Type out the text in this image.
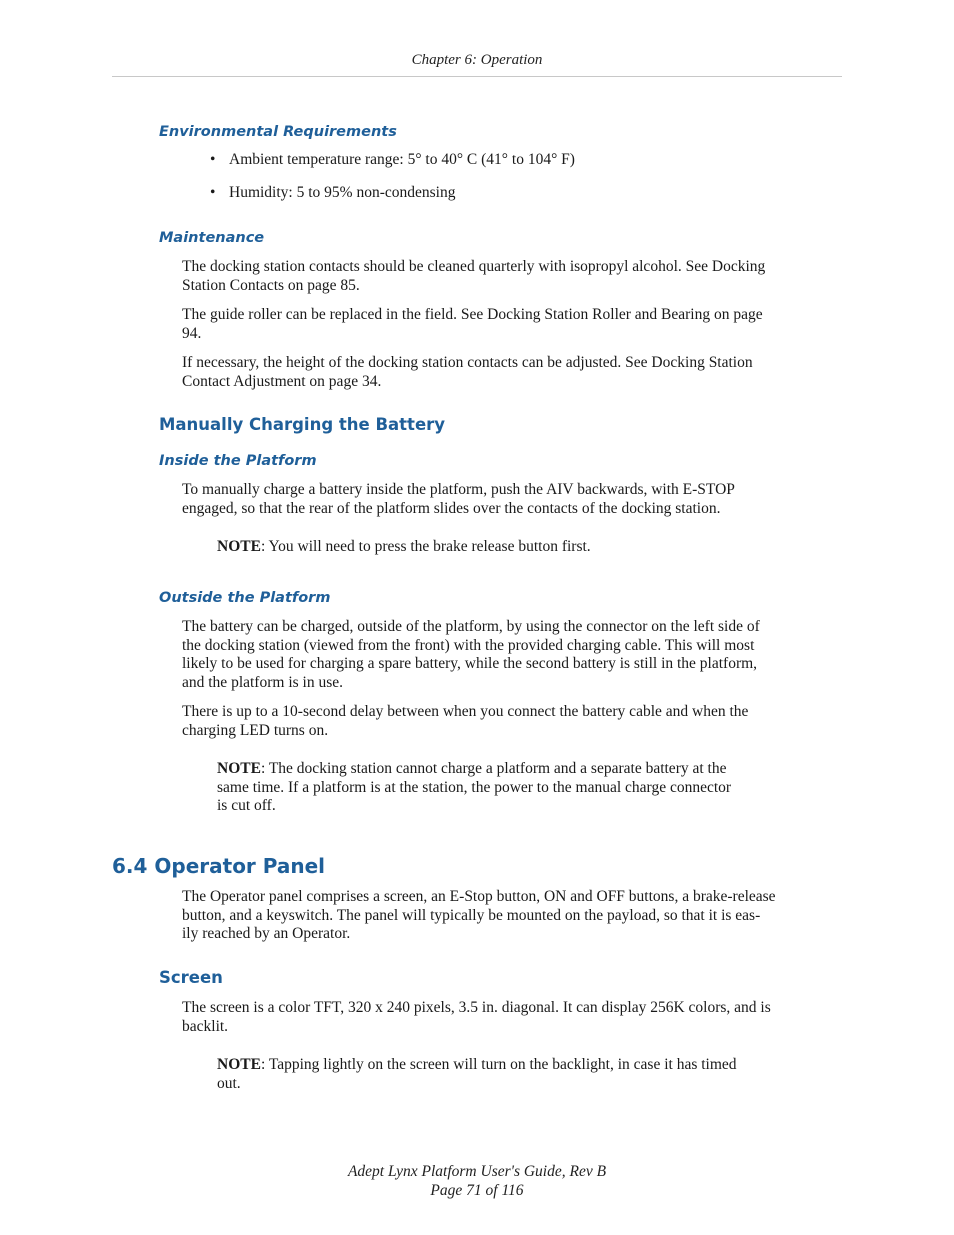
Chapter 6: Operation
Environmental Requirements
• Ambient temperature range: 5° to 40° C (41° to 104° F)
• Humidity: 5 to 95% non-condensing
Maintenance
The docking station contacts should be cleaned quarterly with isopropyl alcohol. See Docking
Station Contacts on page 85.
The guide roller can be replaced in the field. See Docking Station Roller and Bearing on page
94.
If necessary, the height of the docking station contacts can be adjusted. See Docking Station
Contact Adjustment on page 34.
Manually Charging the Battery
Inside the Platform
To manually charge a battery inside the platform, push the AIV backwards, with E-STOP
engaged, so that the rear of the platform slides over the contacts of the docking station.
NOTE: You will need to press the brake release button first.
Outside the Platform
The battery can be charged, outside of the platform, by using the connector on the left side of
the docking station (viewed from the front) with the provided charging cable. This will most
likely to be used for charging a spare battery, while the second battery is still in the platform,
and the platform is in use.
There is up to a 10-second delay between when you connect the battery cable and when the
charging LED turns on.
NOTE: The docking station cannot charge a platform and a separate battery at the
same time. If a platform is at the station, the power to the manual charge connector
is cut off.
6.4 Operator Panel
The Operator panel comprises a screen, an E-Stop button, ON and OFF buttons, a brake-release
button, and a keyswitch. The panel will typically be mounted on the payload, so that it is eas-
ily reached by an Operator.
Screen
The screen is a color TFT, 320 x 240 pixels, 3.5 in. diagonal. It can display 256K colors, and is
backlit.
NOTE: Tapping lightly on the screen will turn on the backlight, in case it has timed
out.
Adept Lynx Platform User's Guide, Rev B
Page 71 of 116
